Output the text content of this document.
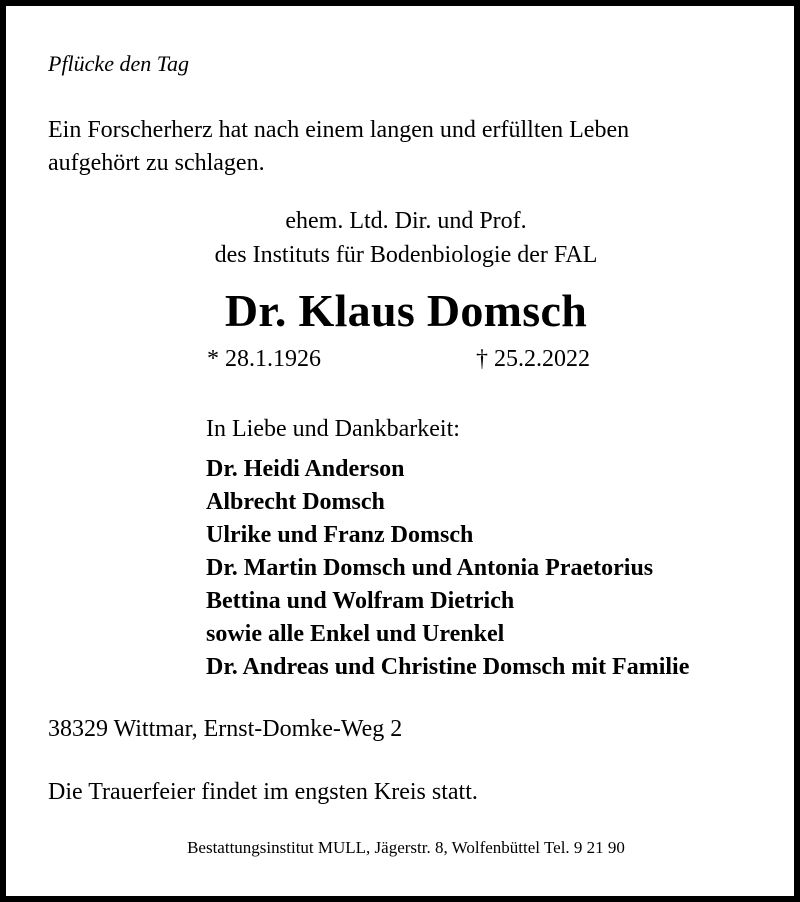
Pflücke den Tag
Ein Forscherherz hat nach einem langen und erfüllten Leben
aufgehört zu schlagen.
ehem. Ltd. Dir. und Prof.
des Instituts für Bodenbiologie der FAL
Dr. Klaus Domsch
* 28.1.1926	† 25.2.2022
In Liebe und Dankbarkeit:
Dr. Heidi Anderson
Albrecht Domsch
Ulrike und Franz Domsch
Dr. Martin Domsch und Antonia Praetorius
Bettina und Wolfram Dietrich
sowie alle Enkel und Urenkel
Dr. Andreas und Christine Domsch mit Familie
38329 Wittmar, Ernst-Domke-Weg 2
Die Trauerfeier findet im engsten Kreis statt.
Bestattungsinstitut MULL, Jägerstr. 8, Wolfenbüttel Tel. 9 21 90
